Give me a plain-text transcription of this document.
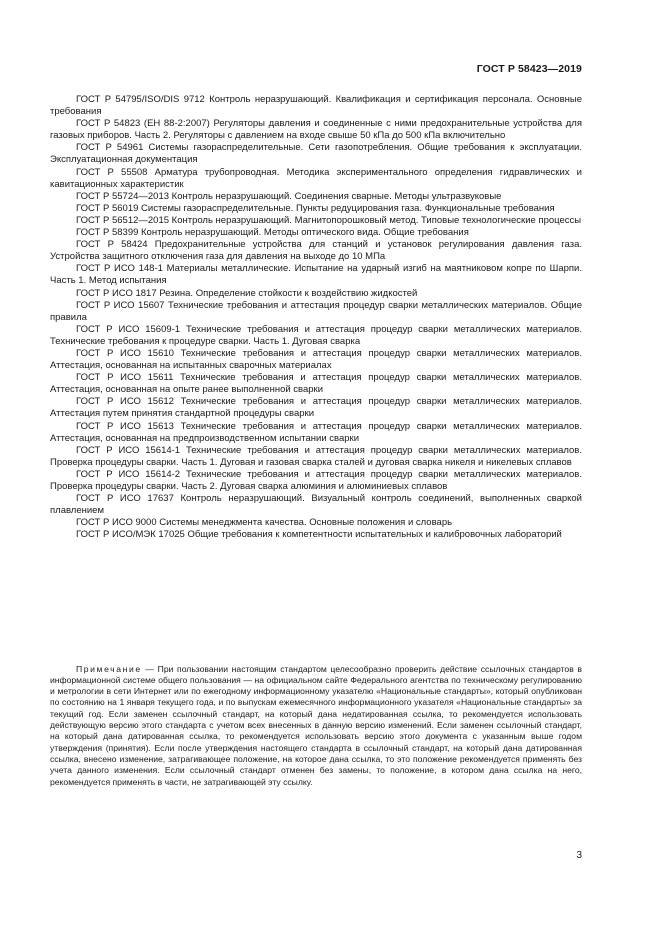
ГОСТ Р 58423—2019

ГОСТ Р 54795/ISO/DIS 9712 Контроль неразрушающий. Квалификация и сертификация персонала. Основные требования

ГОСТ Р 54823 (ЕН 88-2:2007) Регуляторы давления и соединенные с ними предохранительные устройства для газовых приборов. Часть 2. Регуляторы с давлением на входе свыше 50 кПа до 500 кПа включительно

ГОСТ Р 54961 Системы газораспределительные. Сети газопотребления. Общие требования к эксплуатации. Эксплуатационная документация

ГОСТ Р 55508 Арматура трубопроводная. Методика экспериментального определения гидравлических и кавитационных характеристик

ГОСТ Р 55724—2013 Контроль неразрушающий. Соединения сварные. Методы ультразвуковые

ГОСТ Р 56019 Системы газораспределительные. Пункты редуцирования газа. Функциональные требования

ГОСТ Р 56512—2015 Контроль неразрушающий. Магнитопорошковый метод. Типовые технологические процессы

ГОСТ Р 58399 Контроль неразрушающий. Методы оптического вида. Общие требования

ГОСТ Р 58424 Предохранительные устройства для станций и установок регулирования давления газа. Устройства защитного отключения газа для давления на выходе до 10 МПа

ГОСТ Р ИСО 148-1 Материалы металлические. Испытание на ударный изгиб на маятниковом копре по Шарпи. Часть 1. Метод испытания

ГОСТ Р ИСО 1817 Резина. Определение стойкости к воздействию жидкостей

ГОСТ Р ИСО 15607 Технические требования и аттестация процедур сварки металлических материалов. Общие правила

ГОСТ Р ИСО 15609-1 Технические требования и аттестация процедур сварки металлических материалов. Технические требования к процедуре сварки. Часть 1. Дуговая сварка

ГОСТ Р ИСО 15610 Технические требования и аттестация процедур сварки металлических материалов. Аттестация, основанная на испытанных сварочных материалах

ГОСТ Р ИСО 15611 Технические требования и аттестация процедур сварки металлических материалов. Аттестация, основанная на опыте ранее выполненной сварки

ГОСТ Р ИСО 15612 Технические требования и аттестация процедур сварки металлических материалов. Аттестация путем принятия стандартной процедуры сварки

ГОСТ Р ИСО 15613 Технические требования и аттестация процедур сварки металлических материалов. Аттестация, основанная на предпроизводственном испытании сварки

ГОСТ Р ИСО 15614-1 Технические требования и аттестация процедур сварки металлических материалов. Проверка процедуры сварки. Часть 1. Дуговая и газовая сварка сталей и дуговая сварка никеля и никелевых сплавов

ГОСТ Р ИСО 15614-2 Технические требования и аттестация процедур сварки металлических материалов. Проверка процедуры сварки. Часть 2. Дуговая сварка алюминия и алюминиевых сплавов

ГОСТ Р ИСО 17637 Контроль неразрушающий. Визуальный контроль соединений, выполненных сваркой плавлением

ГОСТ Р ИСО 9000 Системы менеджмента качества. Основные положения и словарь

ГОСТ Р ИСО/МЭК 17025 Общие требования к компетентности испытательных и калибровочных лабораторий

Примечание — При пользовании настоящим стандартом целесообразно проверить действие ссылочных стандартов в информационной системе общего пользования — на официальном сайте Федерального агентства по техническому регулированию и метрологии в сети Интернет или по ежегодному информационному указателю «Национальные стандарты», который опубликован по состоянию на 1 января текущего года, и по выпускам ежемесячного информационного указателя «Национальные стандарты» за текущий год. Если заменен ссылочный стандарт, на который дана недатированная ссылка, то рекомендуется использовать действующую версию этого стандарта с учетом всех внесенных в данную версию изменений. Если заменен ссылочный стандарт, на который дана датированная ссылка, то рекомендуется использовать версию этого документа с указанным выше годом утверждения (принятия). Если после утверждения настоящего стандарта в ссылочный стандарт, на который дана датированная ссылка, внесено изменение, затрагивающее положение, на которое дана ссылка, то это положение рекомендуется применять без учета данного изменения. Если ссылочный стандарт отменен без замены, то положение, в котором дана ссылка на него, рекомендуется применять в части, не затрагивающей эту ссылку.

3
